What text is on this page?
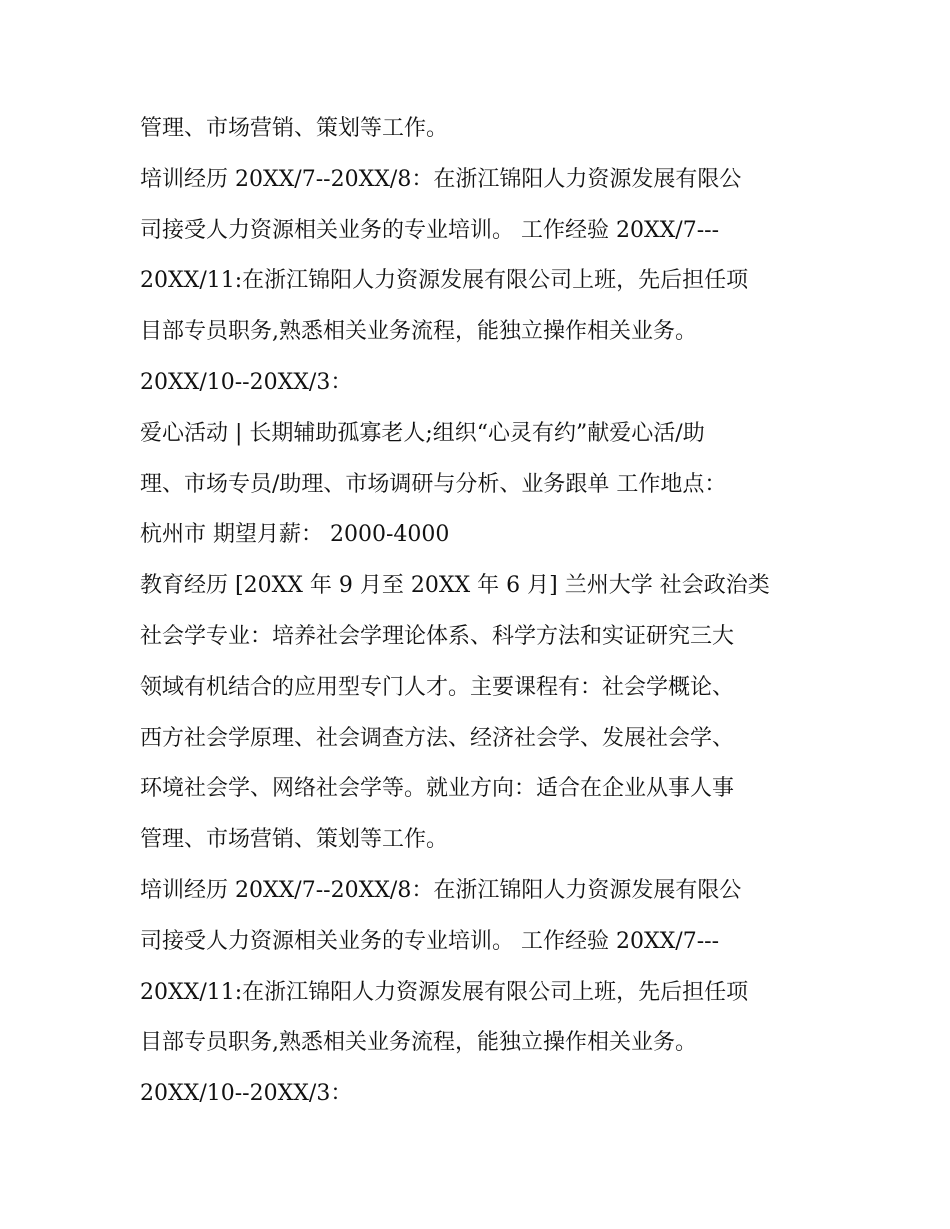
管理、市场营销、策划等工作。
培训经历 20XX/7--20XX/8：在浙江锦阳人力资源发展有限公
司接受人力资源相关业务的专业培训。 工作经验 20XX/7---
20XX/11:在浙江锦阳人力资源发展有限公司上班，先后担任项
目部专员职务,熟悉相关业务流程，能独立操作相关业务。
20XX/10--20XX/3：
爱心活动 | 长期辅助孤寡老人;组织“心灵有约”献爱心活/助
理、市场专员/助理、市场调研与分析、业务跟单 工作地点：
杭州市 期望月薪： 2000-4000
教育经历 [20XX 年 9 月至 20XX 年 6 月] 兰州大学 社会政治类
社会学专业：培养社会学理论体系、科学方法和实证研究三大
领域有机结合的应用型专门人才。主要课程有：社会学概论、
西方社会学原理、社会调查方法、经济社会学、发展社会学、
环境社会学、网络社会学等。就业方向：适合在企业从事人事
管理、市场营销、策划等工作。
培训经历 20XX/7--20XX/8：在浙江锦阳人力资源发展有限公
司接受人力资源相关业务的专业培训。 工作经验 20XX/7---
20XX/11:在浙江锦阳人力资源发展有限公司上班，先后担任项
目部专员职务,熟悉相关业务流程，能独立操作相关业务。
20XX/10--20XX/3：
